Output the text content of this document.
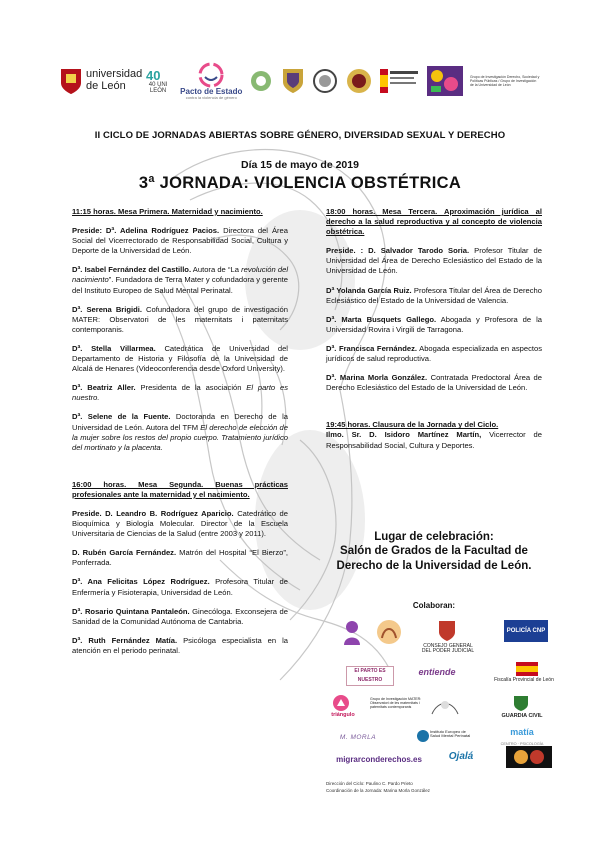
universidad de León
40
40 UNI LEÓN	Pacto de Estado
contra la violencia de género
Grupo de Investigación Derecho, Sociedad y Políticas Públicas / Grupo de Investigación de la Universidad de León
II CICLO DE JORNADAS ABIERTAS SOBRE GÉNERO, DIVERSIDAD SEXUAL Y DERECHO
Día 15 de mayo de 2019
3ª JORNADA: VIOLENCIA OBSTÉTRICA
11:15 horas. Mesa Primera. Maternidad y nacimiento.
Preside: Dª. Adelina Rodríguez Pacios. Directora del Área Social del Vicerrectorado de Responsabilidad Social, Cultura y Deporte de la Universidad de León.
Dª. Isabel Fernández del Castillo. Autora de “La revolución del nacimiento”. Fundadora de Terra Mater y cofundadora y gerente del Instituto Europeo de Salud Mental Perinatal.
Dª. Serena Brigidi. Cofundadora del grupo de investigación MATER: Observatori de les maternitats i paternitats contemporanis.
Dª. Stella Villarmea. Catedrática de Universidad del Departamento de Historia y Filosofía de la Universidad de Alcalá de Henares (Videoconferencia desde Oxford University).
Dª. Beatriz Aller. Presidenta de la asociación El parto es nuestro.
Dª. Selene de la Fuente. Doctoranda en Derecho de la Universidad de León. Autora del TFM El derecho de elección de la mujer sobre los restos del propio cuerpo. Tratamiento jurídico del mortinato y la placenta.
16:00 horas. Mesa Segunda. Buenas prácticas profesionales ante la maternidad y el nacimiento.
Preside. D. Leandro B. Rodríguez Aparicio. Catedrático de Bioquímica y Biología Molecular. Director de la Escuela Universitaria de Ciencias de la Salud (entre 2003 y 2011).
D. Rubén García Fernández. Matrón del Hospital “El Bierzo”, Ponferrada.
Dª. Ana Felicitas López Rodríguez. Profesora Titular de Enfermería y Fisioterapia, Universidad de León.
Dª. Rosario Quintana Pantaleón. Ginecóloga. Exconsejera de Sanidad de la Comunidad Autónoma de Cantabria.
Dª. Ruth Fernández Matía. Psicóloga especialista en la atención en el periodo perinatal.
18:00 horas. Mesa Tercera. Aproximación jurídica al derecho a la salud reproductiva y al concepto de violencia obstétrica.
Preside. : D. Salvador Tarodo Soria. Profesor Titular de Universidad del Área de Derecho Eclesiástico del Estado de la Universidad de León.
Dª Yolanda García Ruiz. Profesora Titular del Área de Derecho Eclesiástico del Estado de la Universidad de Valencia.
Dª. Marta Busquets Gallego. Abogada y Profesora de la Universidad Rovira i Virgili de Tarragona.
Dª. Francisca Fernández. Abogada especializada en aspectos jurídicos de salud reproductiva.
Dª. Marina Morla González. Contratada Predoctoral Área de Derecho Eclesiástico del Estado de la Universidad de León.
19:45 horas. Clausura de la Jornada y del Ciclo.
Ilmo. Sr. D. Isidoro Martínez Martín, Vicerrector de Responsabilidad Social, Cultura y Deportes.
Lugar de celebración:
Salón de Grados de la Facultad de Derecho de la Universidad de León.
Colaboran:
CONSEJO GENERAL DEL PODER JUDICIAL
POLICÍA CNP
El PARTO ES NUESTRO
entiende
Fiscalía Provincial de León
triángulo
Grupo de Investigación MATER: Observatori de les maternitats i paternitats contemporanis
GUARDIA CIVIL
M. MORLA
Instituto Europeo de Salud Mental Perinatal	matía
CENTRO · PSICOLOGÍA
migrarconderechos.es	Ojalá
Dirección del Ciclo: Paulino C. Pardo Prieto
Coordinación de la Jornada: Marina Morla González
